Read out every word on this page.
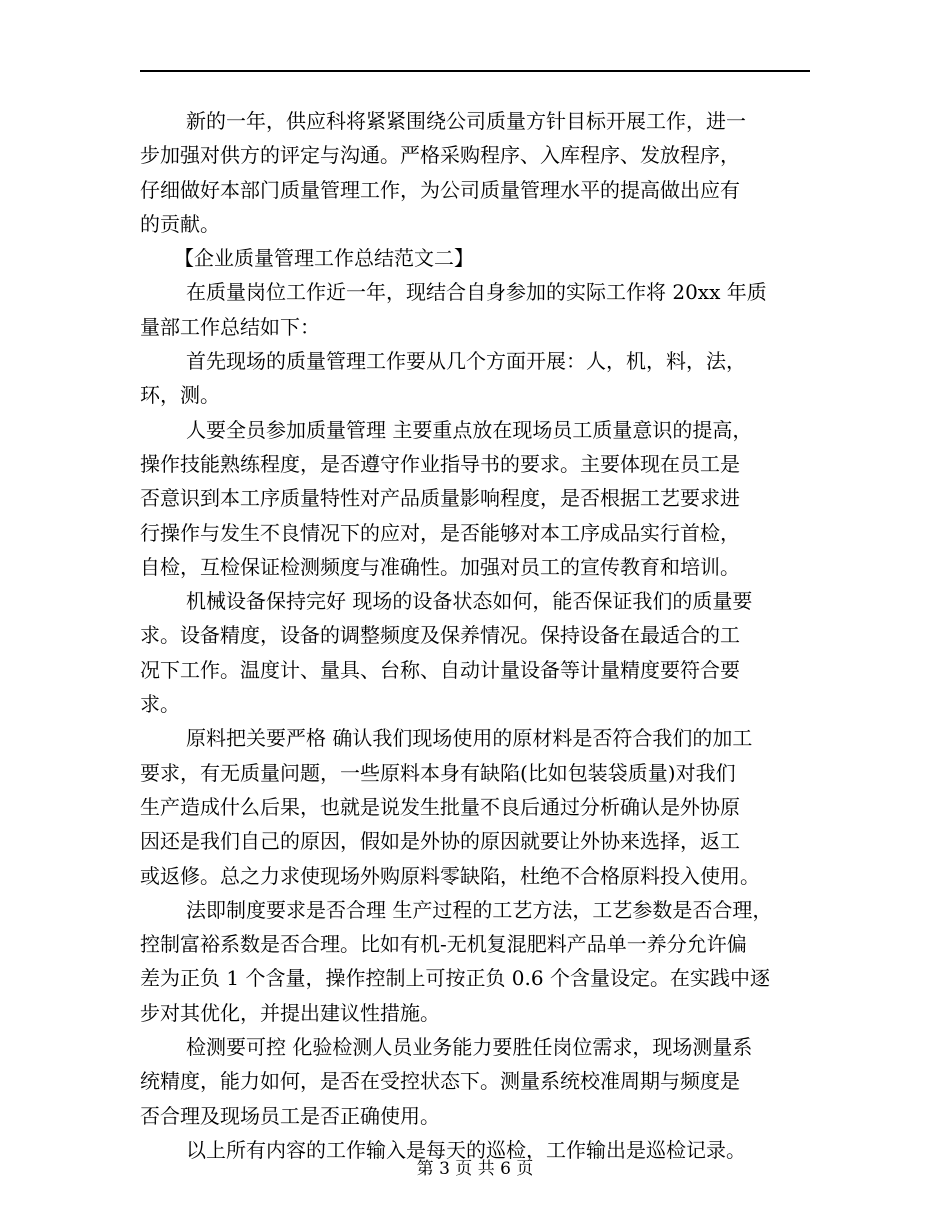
新的一年，供应科将紧紧围绕公司质量方针目标开展工作，进一
步加强对供方的评定与沟通。严格采购程序、入库程序、发放程序，
仔细做好本部门质量管理工作，为公司质量管理水平的提高做出应有
的贡献。
【企业质量管理工作总结范文二】
在质量岗位工作近一年，现结合自身参加的实际工作将 20xx 年质
量部工作总结如下：
首先现场的质量管理工作要从几个方面开展：人，机，料，法，
环，测。
人要全员参加质量管理 主要重点放在现场员工质量意识的提高，
操作技能熟练程度，是否遵守作业指导书的要求。主要体现在员工是
否意识到本工序质量特性对产品质量影响程度，是否根据工艺要求进
行操作与发生不良情况下的应对，是否能够对本工序成品实行首检，
自检，互检保证检测频度与准确性。加强对员工的宣传教育和培训。
机械设备保持完好 现场的设备状态如何，能否保证我们的质量要
求。设备精度，设备的调整频度及保养情况。保持设备在最适合的工
况下工作。温度计、量具、台称、自动计量设备等计量精度要符合要
求。
原料把关要严格 确认我们现场使用的原材料是否符合我们的加工
要求，有无质量问题，一些原料本身有缺陷(比如包装袋质量)对我们
生产造成什么后果，也就是说发生批量不良后通过分析确认是外协原
因还是我们自己的原因，假如是外协的原因就要让外协来选择，返工
或返修。总之力求使现场外购原料零缺陷，杜绝不合格原料投入使用。
法即制度要求是否合理 生产过程的工艺方法，工艺参数是否合理，
控制富裕系数是否合理。比如有机-无机复混肥料产品单一养分允许偏
差为正负 1 个含量，操作控制上可按正负 0.6 个含量设定。在实践中逐
步对其优化，并提出建议性措施。
检测要可控 化验检测人员业务能力要胜任岗位需求，现场测量系
统精度，能力如何，是否在受控状态下。测量系统校准周期与频度是
否合理及现场员工是否正确使用。
以上所有内容的工作输入是每天的巡检，工作输出是巡检记录。
第 3 页 共 6 页
